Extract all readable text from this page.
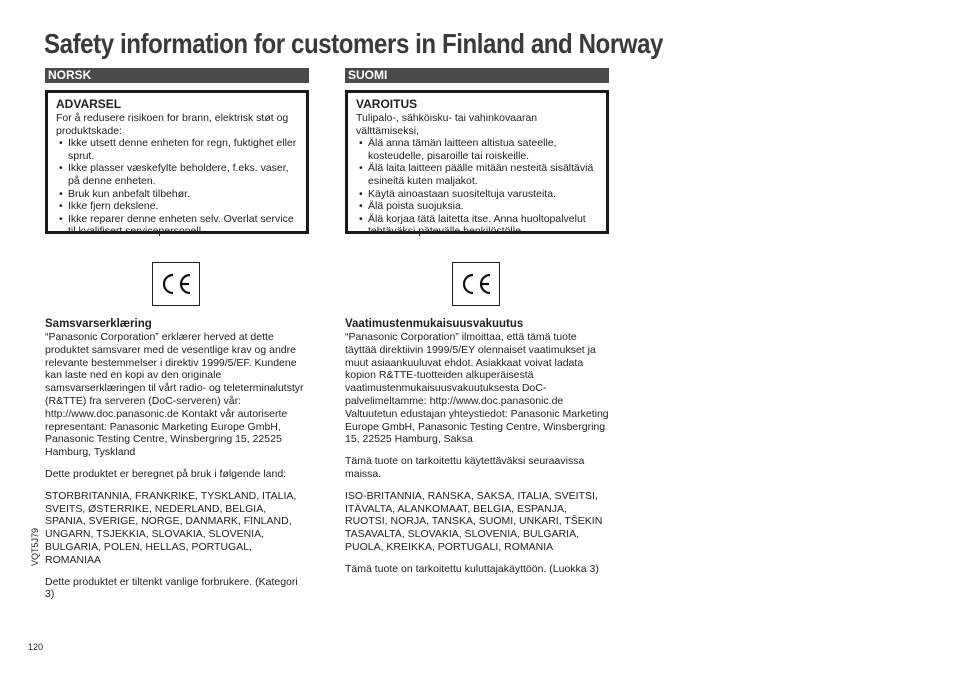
Safety information for customers in Finland and Norway
NORSK
ADVARSEL
For å redusere risikoen for brann, elektrisk støt og produktskade:
• Ikke utsett denne enheten for regn, fuktighet eller sprut.
• Ikke plasser væskefylte beholdere, f.eks. vaser, på denne enheten.
• Bruk kun anbefalt tilbehør.
• Ikke fjern dekslene.
• Ikke reparer denne enheten selv. Overlat service til kvalifisert servicepersonell.
Samsvarserklæring

“Panasonic Corporation” erklærer herved at dette produktet samsvarer med de vesentlige krav og andre relevante bestemmelser i direktiv 1999/5/EF. Kundene kan laste ned en kopi av den originale samsvarserklæringen til vårt radio- og teleterminalutstyr (R&TTE) fra serveren (DoC-serveren) vår: http://www.doc.panasonic.de Kontakt vår autoriserte representant: Panasonic Marketing Europe GmbH, Panasonic Testing Centre, Winsbergring 15, 22525 Hamburg, Tyskland

Dette produktet er beregnet på bruk i følgende land:

STORBRITANNIA, FRANKRIKE, TYSKLAND, ITALIA, SVEITS, ØSTERRIKE, NEDERLAND, BELGIA, SPANIA, SVERIGE, NORGE, DANMARK, FINLAND, UNGARN, TSJEKKIA, SLOVAKIA, SLOVENIA, BULGARIA, POLEN, HELLAS, PORTUGAL, ROMANIAA

Dette produktet er tiltenkt vanlige forbrukere. (Kategori 3)

SUOMI
VAROITUS
Tulipalo-, sähköisku- tai vahinkovaaran välttämiseksi,
• Älä anna tämän laitteen altistua sateelle, kosteudelle, pisaroille tai roiskeille.
• Älä laita laitteen päälle mitään nesteitä sisältäviä esineitä kuten maljakot.
• Käytä ainoastaan suositeltuja varusteita.
• Älä poista suojuksia.
• Älä korjaa tätä laitetta itse. Anna huoltopalvelut tehtäväksi pätevälle henkilöstölle.
Vaatimustenmukaisuusvakuutus

“Panasonic Corporation” ilmoittaa, että tämä tuote täyttää direktiivin 1999/5/EY olennaiset vaatimukset ja muut asiaankuuluvat ehdot. Asiakkaat voivat ladata kopion R&TTE-tuotteiden alkuperäisestä vaatimustenmukaisuusvakuutuksesta DoC-palvelimeltamme: http://www.doc.panasonic.de Valtuutetun edustajan yhteystiedot: Panasonic Marketing Europe GmbH, Panasonic Testing Centre, Winsbergring 15, 22525 Hamburg, Saksa

Tämä tuote on tarkoitettu käytettäväksi seuraavissa maissa.

ISO-BRITANNIA, RANSKA, SAKSA, ITALIA, SVEITSI, ITÄVALTA, ALANKOMAAT, BELGIA, ESPANJA, RUOTSI, NORJA, TANSKA, SUOMI, UNKARI, TŠEKIN TASAVALTA, SLOVAKIA, SLOVENIA, BULGARIA, PUOLA, KREIKKA, PORTUGALI, ROMANIA

Tämä tuote on tarkoitettu kuluttajakäyttöön. (Luokka 3)

VQT5J79
120
